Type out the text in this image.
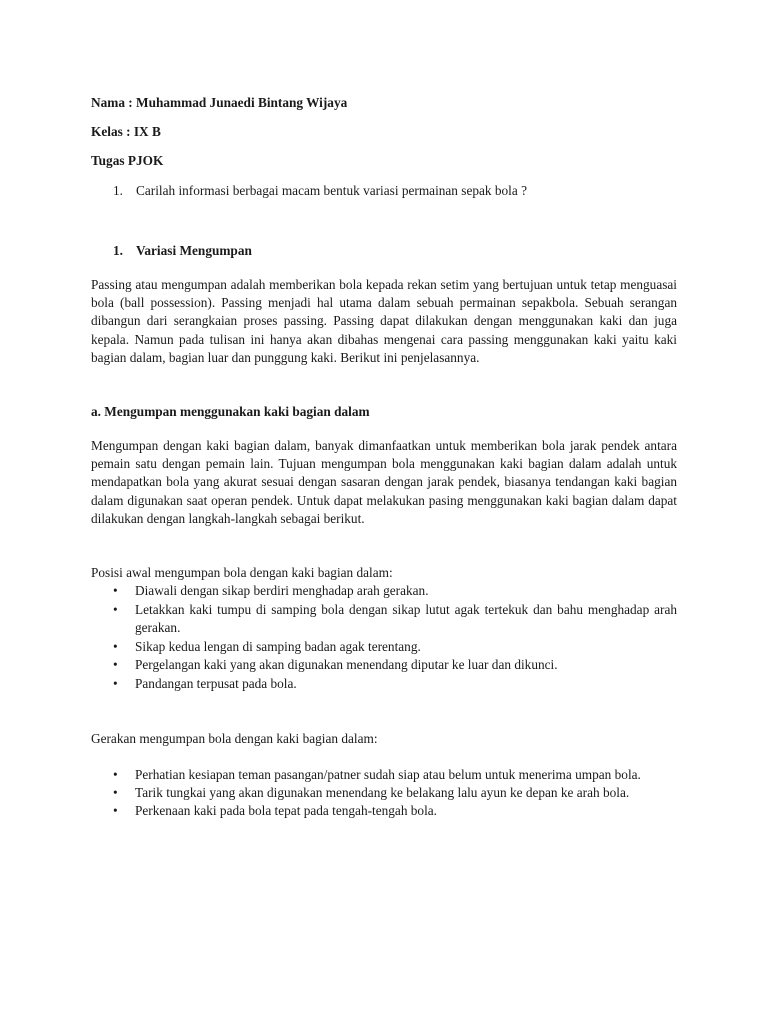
Nama : Muhammad Junaedi Bintang Wijaya
Kelas : IX B
Tugas PJOK
1. Carilah informasi berbagai macam bentuk variasi permainan sepak bola ?
1. Variasi Mengumpan
Passing atau mengumpan adalah memberikan bola kepada rekan setim yang bertujuan untuk tetap menguasai bola (ball possession). Passing menjadi hal utama dalam sebuah permainan sepakbola. Sebuah serangan dibangun dari serangkaian proses passing. Passing dapat dilakukan dengan menggunakan kaki dan juga kepala. Namun pada tulisan ini hanya akan dibahas mengenai cara passing menggunakan kaki yaitu kaki bagian dalam, bagian luar dan punggung kaki. Berikut ini penjelasannya.
a. Mengumpan menggunakan kaki bagian dalam
Mengumpan dengan kaki bagian dalam, banyak dimanfaatkan untuk memberikan bola jarak pendek antara pemain satu dengan pemain lain. Tujuan mengumpan bola menggunakan kaki bagian dalam adalah untuk mendapatkan bola yang akurat sesuai dengan sasaran dengan jarak pendek, biasanya tendangan kaki bagian dalam digunakan saat operan pendek. Untuk dapat melakukan pasing menggunakan kaki bagian dalam dapat dilakukan dengan langkah-langkah sebagai berikut.
Posisi awal mengumpan bola dengan kaki bagian dalam:
• Diawali dengan sikap berdiri menghadap arah gerakan.
• Letakkan kaki tumpu di samping bola dengan sikap lutut agak tertekuk dan bahu menghadap arah gerakan.
• Sikap kedua lengan di samping badan agak terentang.
• Pergelangan kaki yang akan digunakan menendang diputar ke luar dan dikunci.
• Pandangan terpusat pada bola.
Gerakan mengumpan bola dengan kaki bagian dalam:
• Perhatian kesiapan teman pasangan/patner sudah siap atau belum untuk menerima umpan bola.
• Tarik tungkai yang akan digunakan menendang ke belakang lalu ayun ke depan ke arah bola.
• Perkenaan kaki pada bola tepat pada tengah-tengah bola.
